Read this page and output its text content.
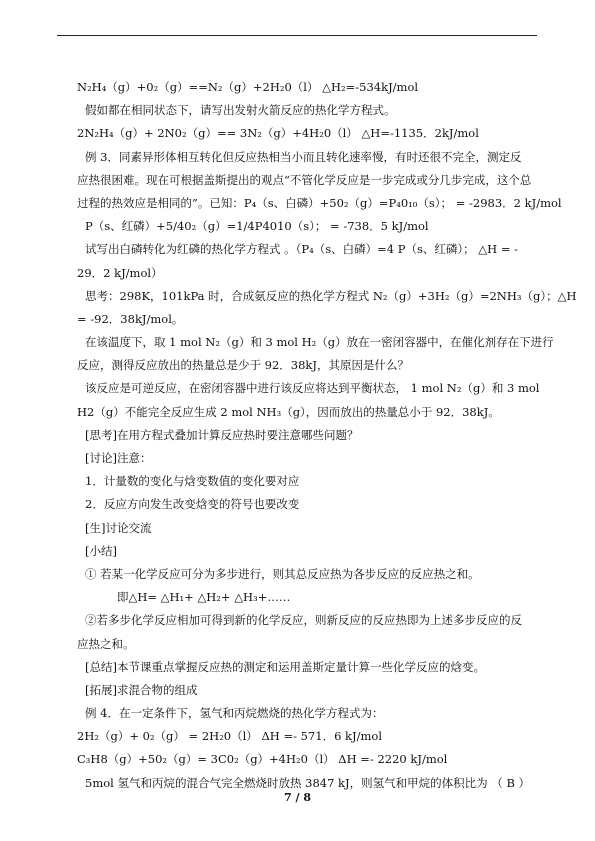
N₂H₄（g）+0₂（g）==N₂（g）+2H₂0（l） △H₂=-534kJ/mol
假如都在相同状态下，请写出发射火箭反应的热化学方程式。
2N₂H₄（g）+ 2N0₂（g）== 3N₂（g）+4H₂0（l） △H=-1135．2kJ/mol
例 3．同素异形体相互转化但反应热相当小而且转化速率慢，有时还很不完全，测定反
应热很困难。现在可根据盖斯提出的观点“不管化学反应是一步完成或分几步完成，这个总
过程的热效应是相同的”。已知：P₄（s、白磷）+50₂（g）=P₄0₁₀（s）； = -2983．2 kJ/mol
P（s、红磷）+5/40₂（g）=1/4P4010（s）； = -738．5 kJ/mol
试写出白磷转化为红磷的热化学方程式 。（P₄（s、白磷）=4 P（s、红磷）； △H = -
29．2 kJ/mol）
思考：298K，101kPa 时，合成氨反应的热化学方程式 N₂（g）+3H₂（g）=2NH₃（g）；△H
= -92．38kJ/mol。
在该温度下，取 1 mol N₂（g）和 3 mol H₂（g）放在一密闭容器中，在催化剂存在下进行
反应，测得反应放出的热量总是少于 92．38kJ，其原因是什么？
该反应是可逆反应，在密闭容器中进行该反应将达到平衡状态， 1 mol N₂（g）和 3 mol
H2（g）不能完全反应生成 2 mol NH₃（g），因而放出的热量总小于 92．38kJ。
[思考]在用方程式叠加计算反应热时要注意哪些问题？
[讨论]注意：
1．计量数的变化与焓变数值的变化要对应
2．反应方向发生改变焓变的符号也要改变
[生]讨论交流
[小结]
① 若某一化学反应可分为多步进行，则其总反应热为各步反应的反应热之和。
即△H= △H₁+ △H₂+ △H₃+……
②若多步化学反应相加可得到新的化学反应，则新反应的反应热即为上述多步反应的反
应热之和。
[总结]本节课重点掌握反应热的测定和运用盖斯定量计算一些化学反应的焓变。
[拓展]求混合物的组成
例 4．在一定条件下，氢气和丙烷燃烧的热化学方程式为：
2H₂（g）+ 0₂（g） = 2H₂0（l） ΔH =- 571．6 kJ/mol
C₃H8（g）+50₂（g）= 3C0₂（g）+4H₂0（l） ΔH =- 2220 kJ/mol
5mol 氢气和丙烷的混合气完全燃烧时放热 3847 kJ，则氢气和甲烷的体积比为 （ B ）
7 / 8
